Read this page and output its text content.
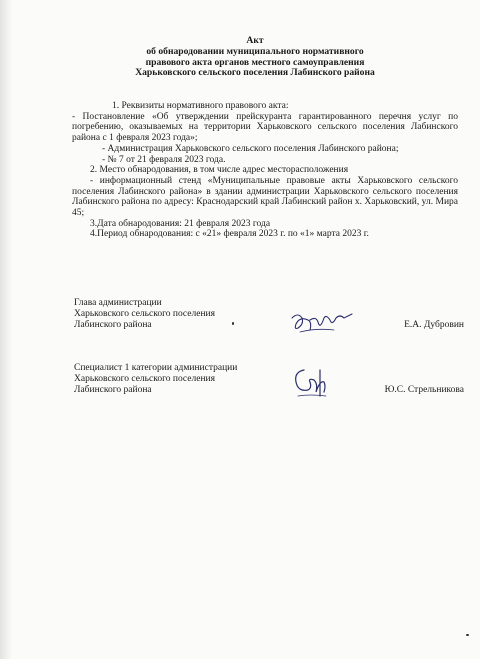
Акт
об обнародовании муниципального нормативного
правового акта органов местного самоуправления
Харьковского сельского поселения Лабинского района

1. Реквизиты нормативного правового акта:

- Постановление «Об утверждении прейскуранта гарантированного перечня услуг по погребению, оказываемых на территории Харьковского сельского поселения Лабинского района с 1 февраля 2023 года»;

- Администрация Харьковского сельского поселения Лабинского района;

- № 7 от 21 февраля 2023 года.

2. Место обнародования, в том числе адрес месторасположения

- информационный стенд «Муниципальные правовые акты Харьковского сельского поселения Лабинского района» в здании администрации Харьковского сельского поселения Лабинского района по адресу: Краснодарский край Лабинский район х. Харьковский, ул. Мира 45;

3.Дата обнародования: 21 февраля 2023 года

4.Период обнародования: с «21» февраля 2023 г. по «1» марта 2023 г.

Глава администрации
Харьковского сельского поселения
Лабинского района	Е.А. Дубровин
Специалист 1 категории администрации
Харьковского сельского поселения
Лабинского района	Ю.С. Стрельникова
